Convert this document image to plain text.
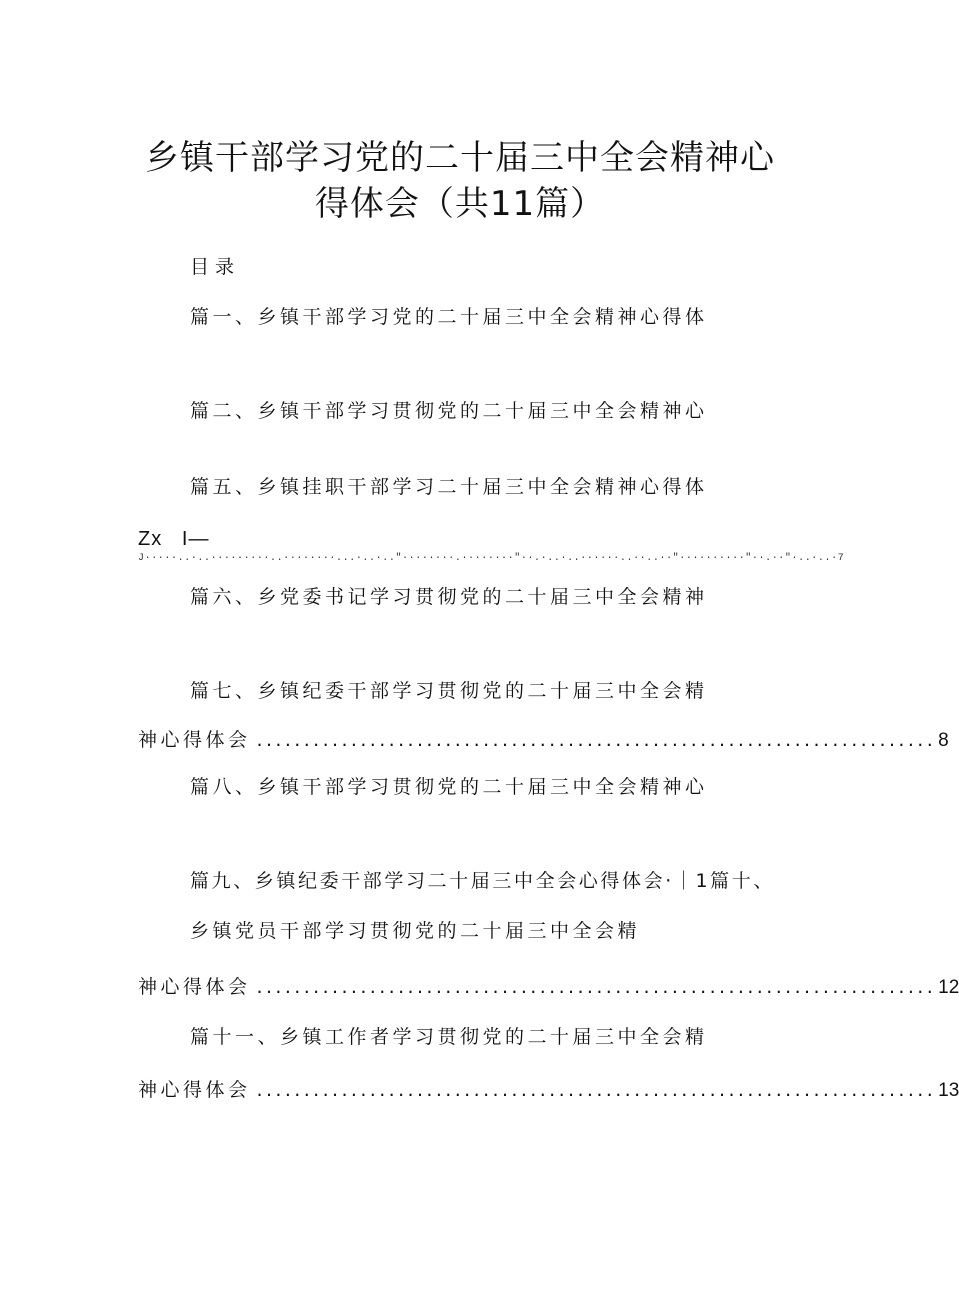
乡镇干部学习党的二十届三中全会精神心
得体会（共11篇）
目录
篇一、乡镇干部学习党的二十届三中全会精神心得体
篇二、乡镇干部学习贯彻党的二十届三中全会精神心
篇五、乡镇挂职干部学习二十届三中全会精神心得体
Zx   I—
J·····..·..·········..········...·..·..″········.········″··.·..·..······..··..··″··········″··.··″·..·..·7
篇六、乡党委书记学习贯彻党的二十届三中全会精神
篇七、乡镇纪委干部学习贯彻党的二十届三中全会精
神心得体会 ........................................................................ 8
篇八、乡镇干部学习贯彻党的二十届三中全会精神心
篇九、乡镇纪委干部学习二十届三中全会心得体会·｜1篇十、
乡镇党员干部学习贯彻党的二十届三中全会精
神心得体会 ........................................................................ 12
篇十一、乡镇工作者学习贯彻党的二十届三中全会精
神心得体会 ........................................................................ 13
